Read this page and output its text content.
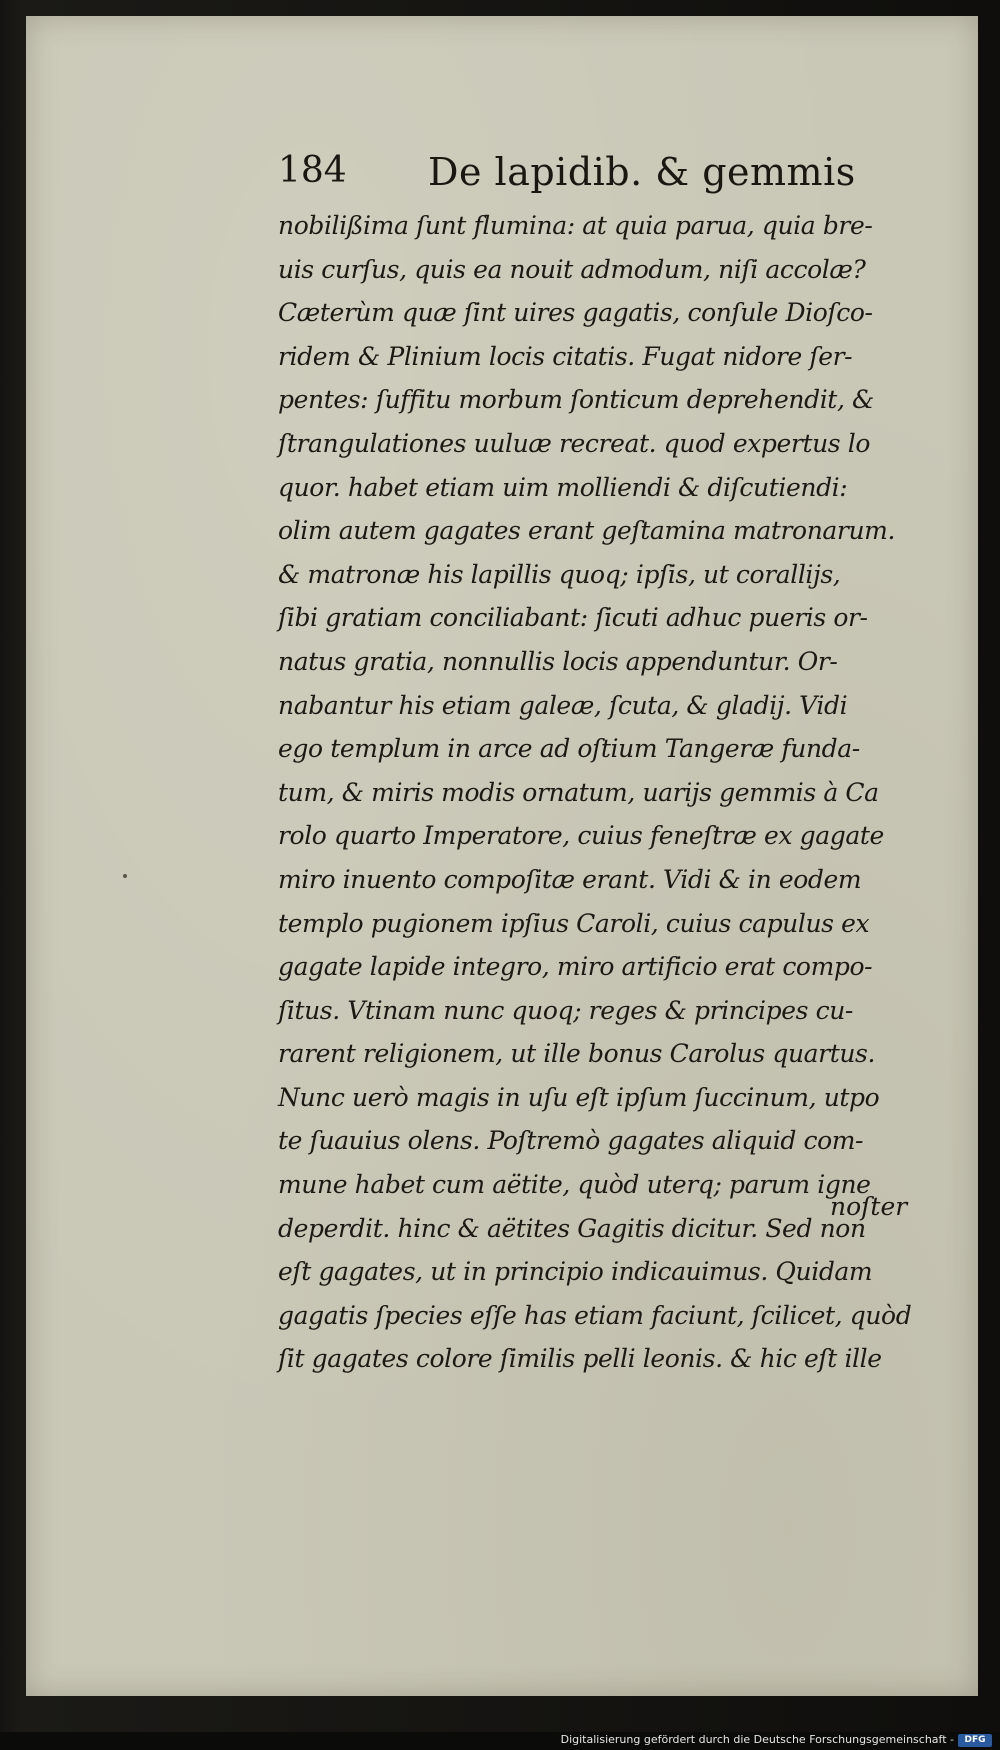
184 De lapidib. & gemmis
nobilißima ſunt flumina: at quia parua, quia bre-
uis curſus, quis ea nouit admodum, niſi accolæ?
Cæterùm quæ ſint uires gagatis, conſule Dioſco-
ridem & Plinium locis citatis. Fugat nidore ſer-
pentes: ſuffitu morbum ſonticum deprehendit, &
ſtrangulationes uuluæ recreat. quod expertus lo
quor. habet etiam uim molliendi & diſcutiendi:
olim autem gagates erant geſtamina matronarum.
& matronæ his lapillis quoq; ipſis, ut corallijs,
ſibi gratiam conciliabant: ſicuti adhuc pueris or-
natus gratia, nonnullis locis appenduntur. Or-
nabantur his etiam galeæ, ſcuta, & gladij. Vidi
ego templum in arce ad oſtium Tangeræ funda-
tum, & miris modis ornatum, uarijs gemmis à Ca
rolo quarto Imperatore, cuius feneſtræ ex gagate
miro inuento compoſitæ erant. Vidi & in eodem
templo pugionem ipſius Caroli, cuius capulus ex
gagate lapide integro, miro artificio erat compo-
ſitus. Vtinam nunc quoq; reges & principes cu-
rarent religionem, ut ille bonus Carolus quartus.
Nunc uerò magis in uſu eſt ipſum ſuccinum, utpo
te ſuauius olens. Poſtremò gagates aliquid com-
mune habet cum aëtite, quòd uterq; parum igne
deperdit. hinc & aëtites Gagitis dicitur. Sed non
eſt gagates, ut in principio indicauimus. Quidam
gagatis ſpecies eſſe has etiam faciunt, ſcilicet, quòd
ſit gagates colore ſimilis pelli leonis. & hic eſt ille
noſter
Digitalisierung gefördert durch die Deutsche Forschungsgemeinschaft -	DFG
